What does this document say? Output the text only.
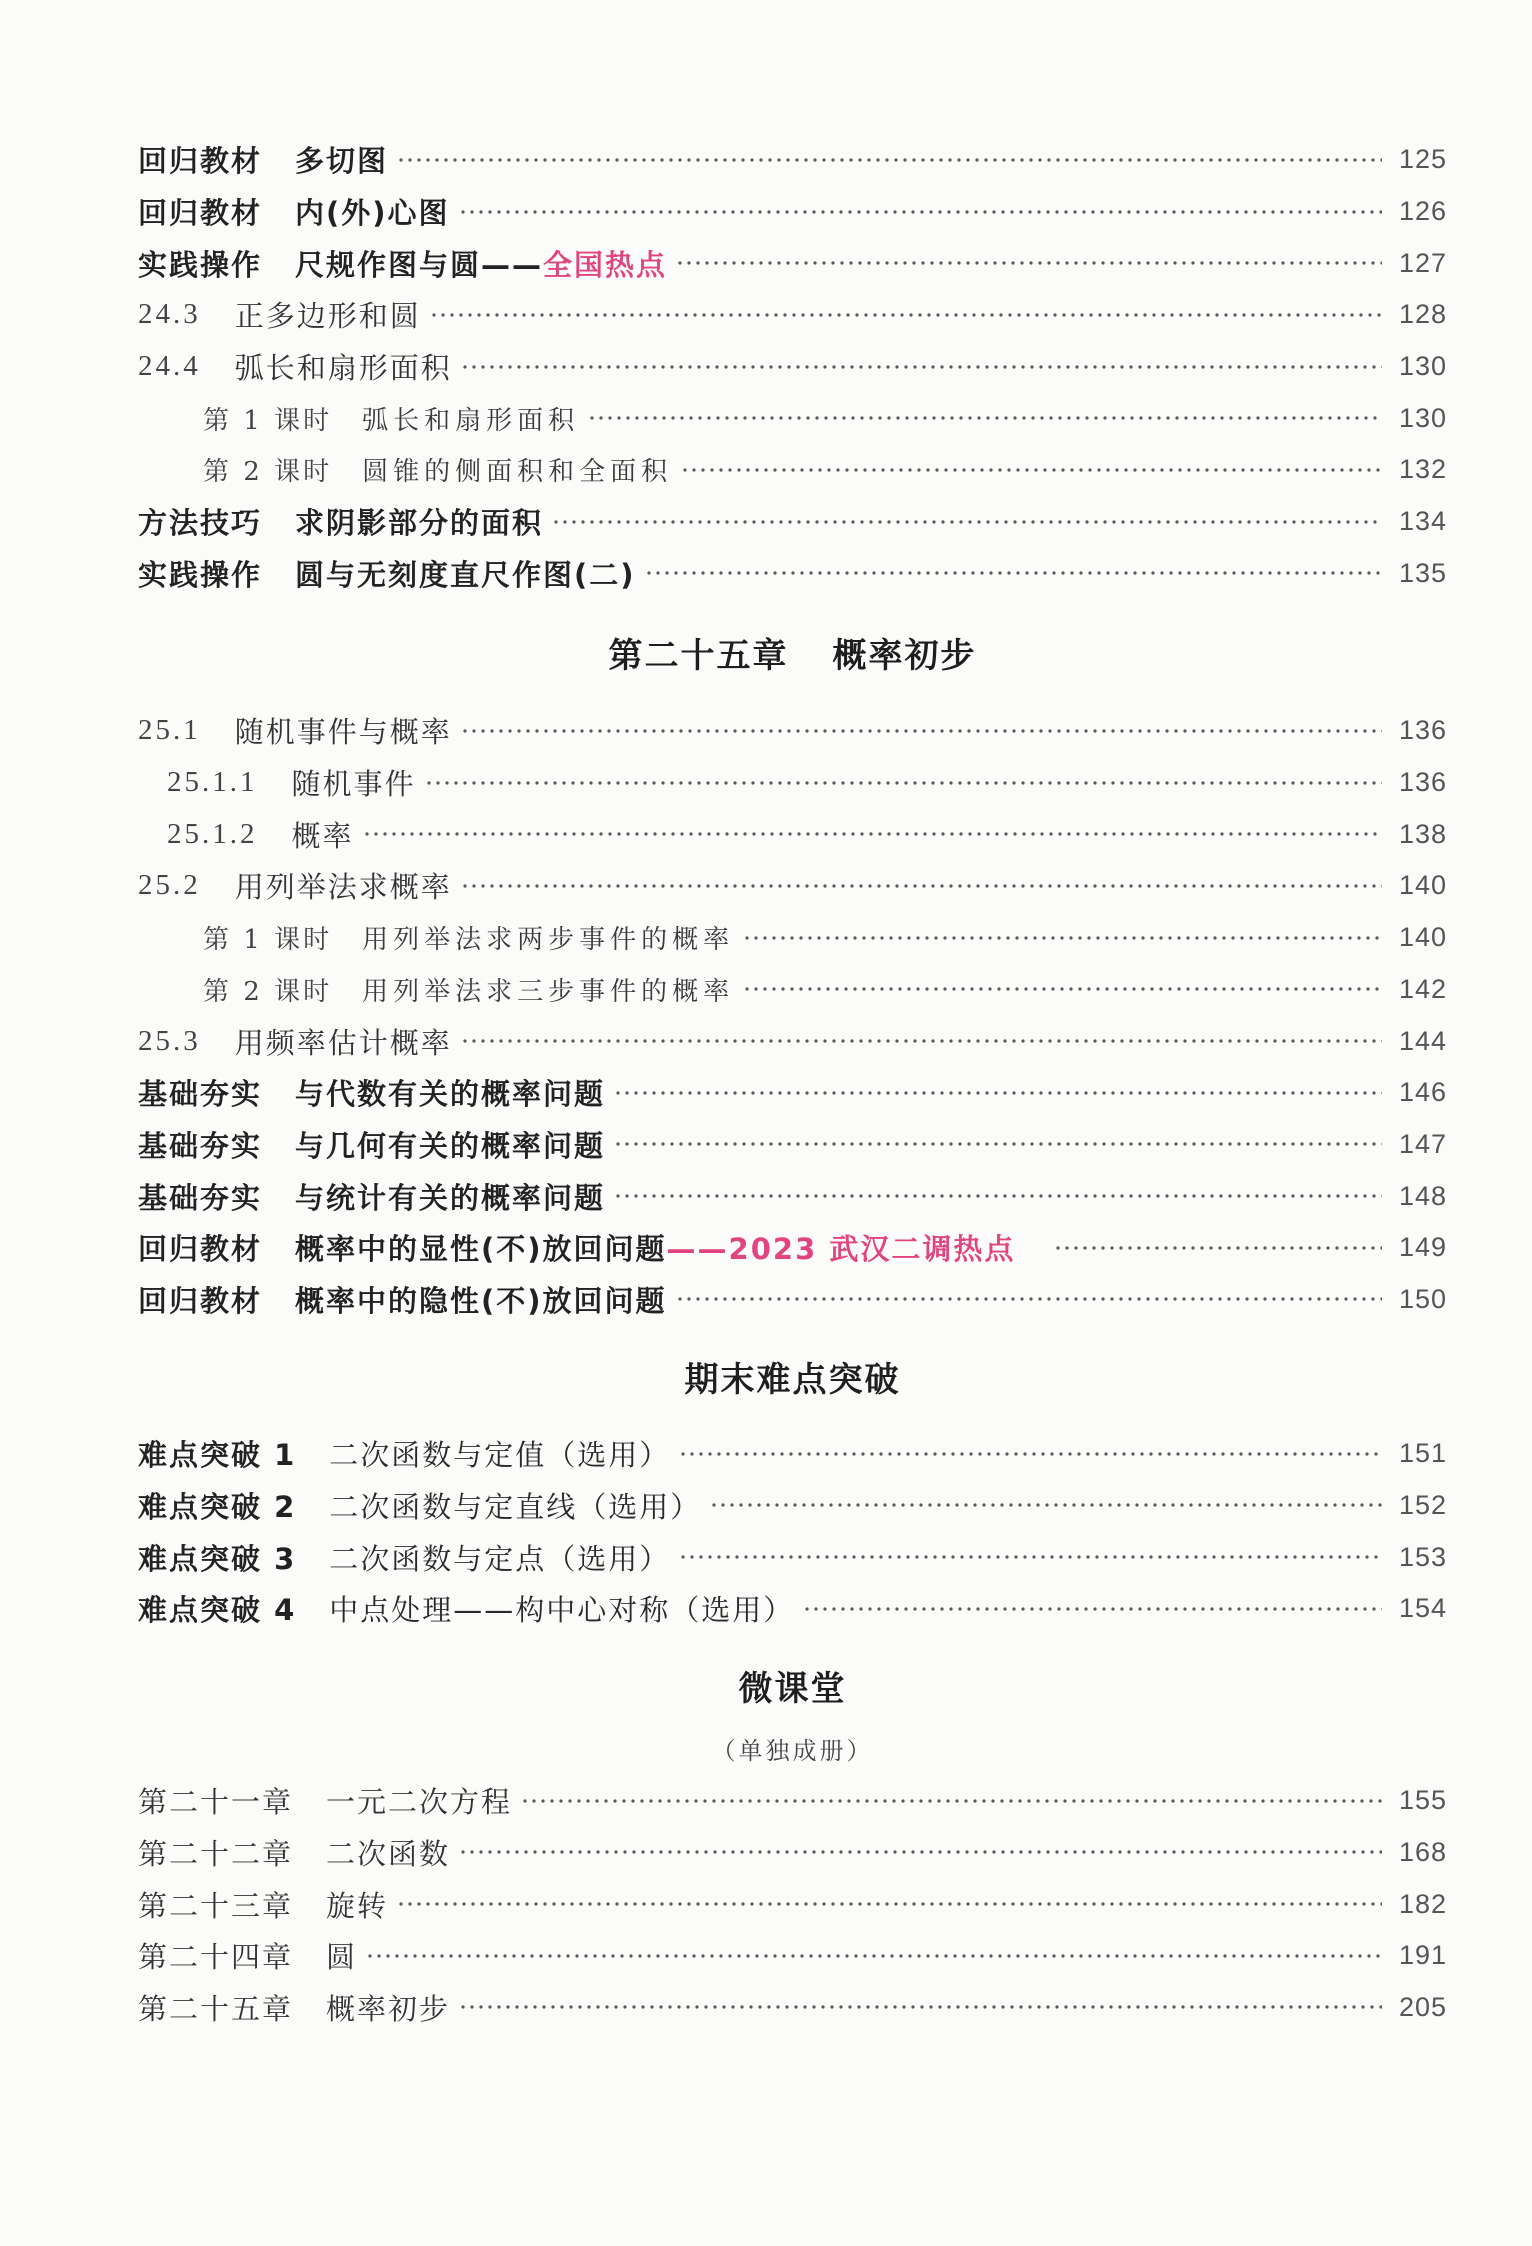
回归教材 多切图	125
回归教材 内(外)心图	126
实践操作 尺规作图与圆—— 全国热点	127
24.3 正多边形和圆	128
24.4 弧长和扇形面积	130
第 1 课时 弧长和扇形面积	130
第 2 课时 圆锥的侧面积和全面积	132
方法技巧 求阴影部分的面积	134
实践操作 圆与无刻度直尺作图(二)	135
第二十五章 概率初步
25.1 随机事件与概率	136
25.1.1 随机事件	136
25.1.2 概率	138
25.2 用列举法求概率	140
第 1 课时 用列举法求两步事件的概率	140
第 2 课时 用列举法求三步事件的概率	142
25.3 用频率估计概率	144
基础夯实 与代数有关的概率问题	146
基础夯实 与几何有关的概率问题	147
基础夯实 与统计有关的概率问题	148
回归教材 概率中的显性(不)放回问题 ——2023 武汉二调热点	149
回归教材 概率中的隐性(不)放回问题	150
期末难点突破
难点突破 1 二次函数与定值（选用）	151
难点突破 2 二次函数与定直线（选用）	152
难点突破 3 二次函数与定点（选用）	153
难点突破 4 中点处理——构中心对称（选用）	154
微课堂
（单独成册）
第二十一章 一元二次方程	155
第二十二章 二次函数	168
第二十三章 旋转	182
第二十四章 圆	191
第二十五章 概率初步	205
